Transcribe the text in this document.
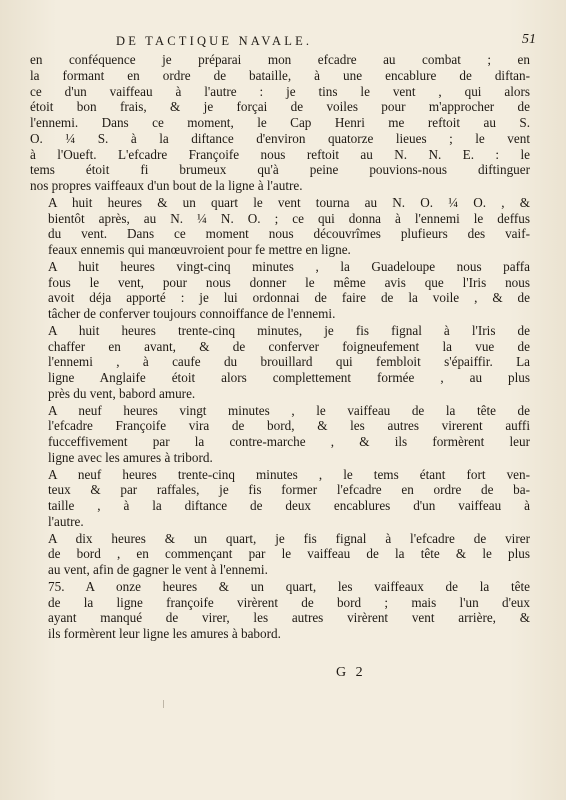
DE TACTIQUE NAVALE.	51

en conféquence je préparai mon efcadre au combat ; en
la formant en ordre de bataille, à une encablure de diftan-
ce d'un vaiffeau à l'autre : je tins le vent , qui alors
étoit bon frais, & je forçai de voiles pour m'approcher de
l'ennemi. Dans ce moment, le Cap Henri me reftoit au S.
O. ¼ S. à la diftance d'environ quatorze lieues ; le vent
à l'Oueft. L'efcadre Françoife nous reftoit au N. N. E. : le
tems étoit fi brumeux qu'à peine pouvions-nous diftinguer
nos propres vaiffeaux d'un bout de la ligne à l'autre.

A huit heures & un quart le vent tourna au N. O. ¼ O. , &
bientôt après, au N. ¼ N. O. ; ce qui donna à l'ennemi le deffus
du vent. Dans ce moment nous découvrîmes plufieurs des vaif-
feaux ennemis qui manœuvroient pour fe mettre en ligne.

A huit heures vingt-cinq minutes , la Guadeloupe nous paffa
fous le vent, pour nous donner le même avis que l'Iris nous
avoit déja apporté : je lui ordonnai de faire de la voile , & de
tâcher de conferver toujours connoiffance de l'ennemi.

A huit heures trente-cinq minutes, je fis fignal à l'Iris de
chaffer en avant, & de conferver foigneufement la vue de
l'ennemi , à caufe du brouillard qui fembloit s'épaiffir. La
ligne Anglaife étoit alors complettement formée , au plus
près du vent, babord amure.

A neuf heures vingt minutes , le vaiffeau de la tête de
l'efcadre Françoife vira de bord, & les autres virerent auffi
fucceffivement par la contre-marche , & ils formèrent leur
ligne avec les amures à tribord.

A neuf heures trente-cinq minutes , le tems étant fort ven-
teux & par raffales, je fis former l'efcadre en ordre de ba-
taille , à la diftance de deux encablures d'un vaiffeau à
l'autre.

A dix heures & un quart, je fis fignal à l'efcadre de virer
de bord , en commençant par le vaiffeau de la tête & le plus
au vent, afin de gagner le vent à l'ennemi.

75. A onze heures & un quart, les vaiffeaux de la tête
de la ligne françoife virèrent de bord ; mais l'un d'eux
ayant manqué de virer, les autres virèrent vent arrière, &
ils formèrent leur ligne les amures à babord.

G 2
